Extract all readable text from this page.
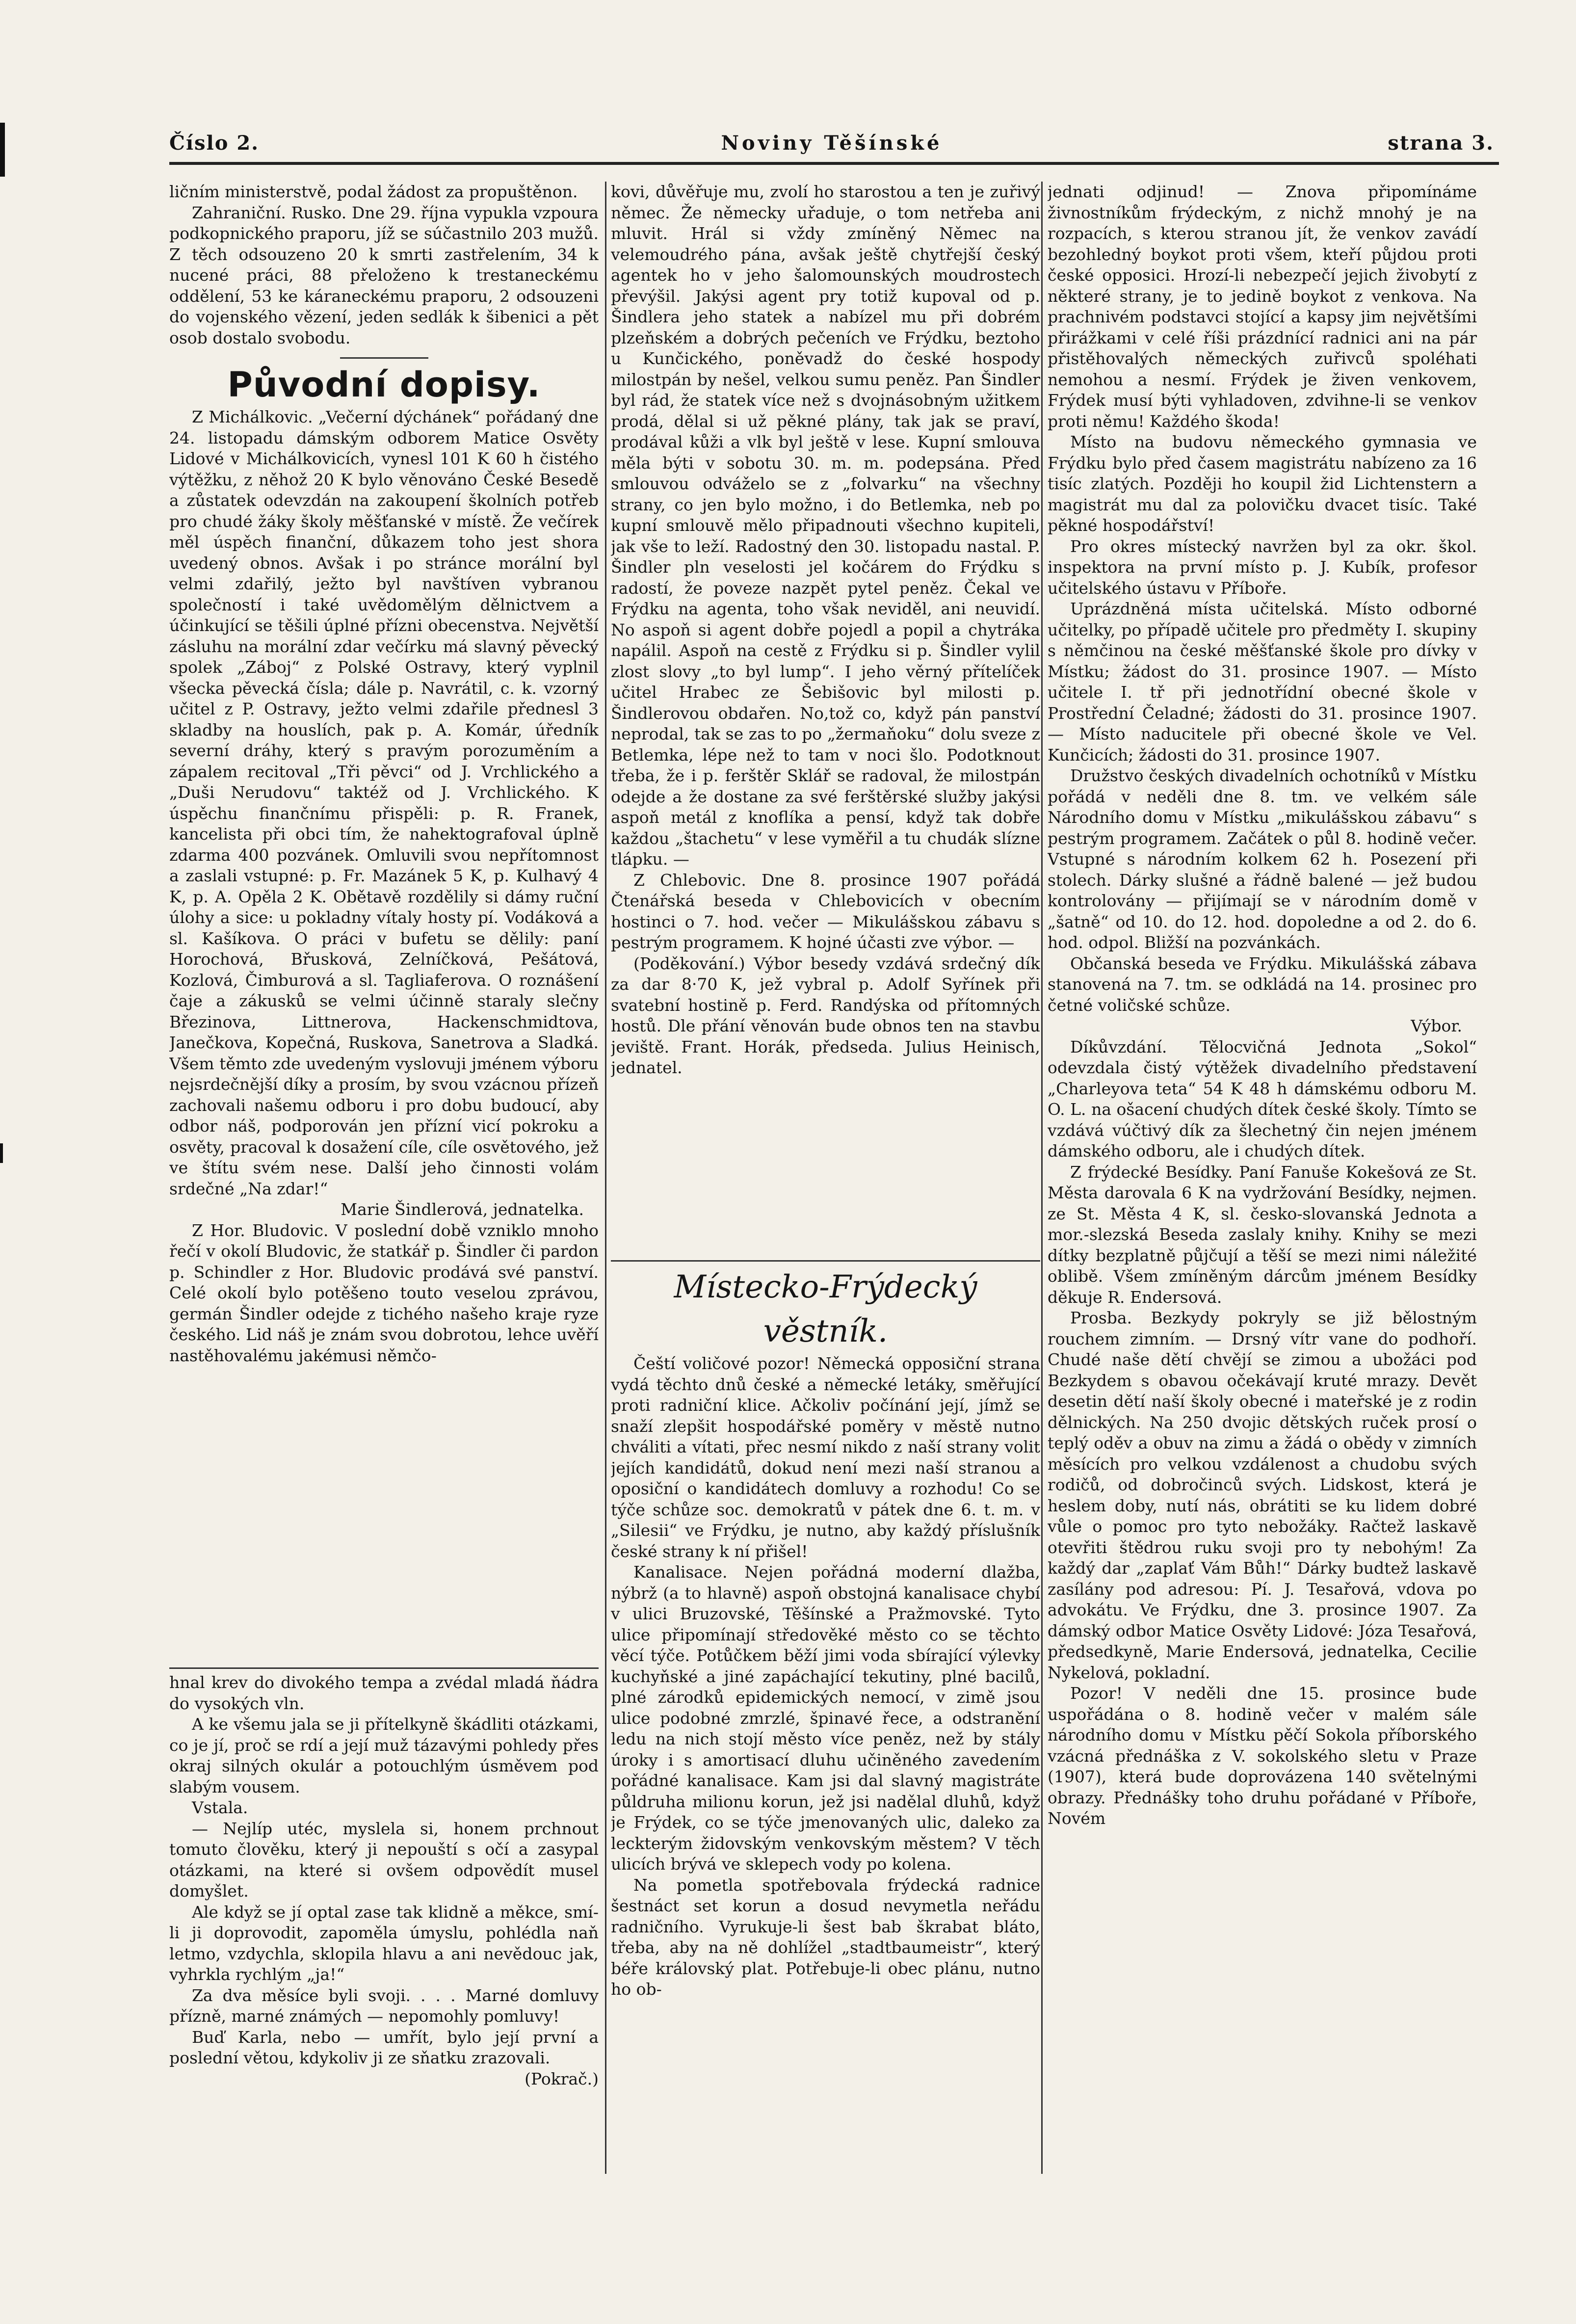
Číslo 2.	Noviny Těšínské	strana 3.

ličním ministerstvě, podal žádost za propuštěnon.

Zahraniční. Rusko. Dne 29. října vypukla vzpoura podkopnického praporu, jíž se súčastnilo 203 mužů. Z těch odsouzeno 20 k smrti zastřelením, 34 k nucené práci, 88 přeloženo k trestaneckému oddělení, 53 ke káraneckému praporu, 2 odsouzeni do vojenského vězení, jeden sedlák k šibenici a pět osob dostalo svobodu.

Původní dopisy.

Z Michálkovic. „Večerní dýchánek“ pořádaný dne 24. listopadu dámským odborem Matice Osvěty Lidové v Michálkovicích, vynesl 101 K 60 h čistého výtěžku, z něhož 20 K bylo věnováno České Besedě a zůstatek odevzdán na zakoupení školních potřeb pro chudé žáky školy měšťanské v místě. Že večírek měl úspěch finanční, důkazem toho jest shora uvedený obnos. Avšak i po stránce morální byl velmi zdařilý, ježto byl navštíven vybranou společností i také uvědomělým dělnictvem a účinkující se těšili úplné přízni obecenstva. Největší zásluhu na morální zdar večírku má slavný pěvecký spolek „Záboj“ z Polské Ostravy, který vyplnil všecka pěvecká čísla; dále p. Navrátil, c. k. vzorný učitel z P. Ostravy, ježto velmi zdařile přednesl 3 skladby na houslích, pak p. A. Komár, úředník severní dráhy, který s pravým porozuměním a zápalem recitoval „Tři pěvci“ od J. Vrchlického a „Duši Nerudovu“ taktéž od J. Vrchlického. K úspěchu finančnímu přispěli: p. R. Franek, kancelista při obci tím, že nahektografoval úplně zdarma 400 pozvánek. Omluvili svou nepřítomnost a zaslali vstupné: p. Fr. Mazánek 5 K, p. Kulhavý 4 K, p. A. Opěla 2 K. Obětavě rozdělily si dámy ruční úlohy a sice: u pokladny vítaly hosty pí. Vodáková a sl. Kašíkova. O práci v bufetu se dělily: paní Horochová, Břusková, Zelníčková, Pešátová, Kozlová, Čimburová a sl. Tagliaferova. O roznášení čaje a zákusků se velmi účinně staraly slečny Březinova, Littnerova, Hackenschmidtova, Janečkova, Kopečná, Ruskova, Sanetrova a Sladká. Všem těmto zde uvedeným vyslovuji jménem výboru nejsrdečnější díky a prosím, by svou vzácnou přízeň zachovali našemu odboru i pro dobu budoucí, aby odbor náš, podporován jen přízní vicí pokroku a osvěty, pracoval k dosažení cíle, cíle osvětového, jež ve štítu svém nese. Další jeho činnosti volám srdečné „Na zdar!“

Marie Šindlerová, jednatelka.

Z Hor. Bludovic. V poslední době vzniklo mnoho řečí v okolí Bludovic, že statkář p. Šindler či pardon p. Schindler z Hor. Bludovic prodává své panství. Celé okolí bylo potěšeno touto veselou zprávou, germán Šindler odejde z tichého našeho kraje ryze českého. Lid náš je znám svou dobrotou, lehce uvěří nastěhovalému jakémusi němčo-

hnal krev do divokého tempa a zvédal mladá ňádra do vysokých vln.

A ke všemu jala se ji přítelkyně škádliti otázkami, co je jí, proč se rdí a její muž tázavými pohledy přes okraj silných okulár a potouchlým úsměvem pod slabým vousem.

Vstala.

— Nejlíp utéc, myslela si, honem prchnout tomuto člověku, který ji nepouští s očí a zasypal otázkami, na které si ovšem odpovědít musel domyšlet.

Ale když se jí optal zase tak klidně a měkce, smí-li ji doprovodit, zapoměla úmyslu, pohlédla naň letmo, vzdychla, sklopila hlavu a ani nevědouc jak, vyhrkla rychlým „ja!“

Za dva měsíce byli svoji. . . . Marné domluvy přízně, marné známých — nepomohly pomluvy!

Buď Karla, nebo — umřít, bylo její první a poslední větou, kdykoliv ji ze sňatku zrazovali.

(Pokrač.)

kovi, důvěřuje mu, zvolí ho starostou a ten je zuřivý němec. Že německy uřaduje, o tom netřeba ani mluvit. Hrál si vždy zmíněný Němec na velemoudrého pána, avšak ještě chytřejší český agentek ho v jeho šalomounských moudrostech převýšil. Jakýsi agent pry totiž kupoval od p. Šindlera jeho statek a nabízel mu při dobrém plzeňském a dobrých pečeních ve Frýdku, beztoho u Kunčického, poněvadž do české hospody milostpán by nešel, velkou sumu peněz. Pan Šindler byl rád, že statek více než s dvojnásobným užitkem prodá, dělal si už pěkné plány, tak jak se praví, prodával kůži a vlk byl ještě v lese. Kupní smlouva měla býti v sobotu 30. m. m. podepsána. Před smlouvou odváželo se z „folvarku“ na všechny strany, co jen bylo možno, i do Betlemka, neb po kupní smlouvě mělo připadnouti všechno kupiteli, jak vše to leží. Radostný den 30. listopadu nastal. P. Šindler pln veselosti jel kočárem do Frýdku s radostí, že poveze nazpět pytel peněz. Čekal ve Frýdku na agenta, toho však neviděl, ani neuvidí. No aspoň si agent dobře pojedl a popil a chytráka napálil. Aspoň na cestě z Frýdku si p. Šindler vylil zlost slovy „to byl lump“. I jeho věrný přítelíček učitel Hrabec ze Šebišovic byl milosti p. Šindlerovou obdařen. No,tož co, když pán panství neprodal, tak se zas to po „žermaňoku“ dolu sveze z Betlemka, lépe než to tam v noci šlo. Podotknout třeba, že i p. ferštěr Sklář se radoval, že milostpán odejde a že dostane za své ferštěrské služby jakýsi aspoň metál z knoflíka a pensí, když tak dobře každou „štachetu“ v lese vyměřil a tu chudák slízne tlápku. —

Z Chlebovic. Dne 8. prosince 1907 pořádá Čtenářská beseda v Chlebovicích v obecním hostinci o 7. hod. večer — Mikulášskou zábavu s pestrým programem. K hojné účasti zve výbor. —

(Poděkování.) Výbor besedy vzdává srdečný dík za dar 8·70 K, jež vybral p. Adolf Syřínek při svatební hostině p. Ferd. Randýska od přítomných hostů. Dle přání věnován bude obnos ten na stavbu jeviště. Frant. Horák, předseda. Julius Heinisch, jednatel.

Místecko-Frýdecký věstník.

Čeští voličové pozor! Německá opposiční strana vydá těchto dnů české a německé letáky, směřující proti radniční klice. Ačkoliv počínání její, jímž se snaží zlepšit hospodářské poměry v městě nutno chváliti a vítati, přec nesmí nikdo z naší strany volit jejích kandidátů, dokud není mezi naší stranou a oposiční o kandidátech domluvy a rozhodu! Co se týče schůze soc. demokratů v pátek dne 6. t. m. v „Silesii“ ve Frýdku, je nutno, aby každý příslušník české strany k ní přišel!

Kanalisace. Nejen pořádná moderní dlažba, nýbrž (a to hlavně) aspoň obstojná kanalisace chybí v ulici Bruzovské, Těšínské a Pražmovské. Tyto ulice připomínají středověké město co se těchto věcí týče. Potůčkem běží jimi voda sbírající výlevky kuchyňské a jiné zapáchající tekutiny, plné bacilů, plné zárodků epidemických nemocí, v zimě jsou ulice podobné zmrzlé, špinavé řece, a odstranění ledu na nich stojí město více peněz, než by stály úroky i s amortisací dluhu učiněného zavedením pořádné kanalisace. Kam jsi dal slavný magistráte půldruha milionu korun, jež jsi nadělal dluhů, když je Frýdek, co se týče jmenovaných ulic, daleko za leckterým židovským venkovským městem? V těch ulicích brývá ve sklepech vody po kolena.

Na pometla spotřebovala frýdecká radnice šestnáct set korun a dosud nevymetla neřádu radničního. Vyrukuje-li šest bab škrabat bláto, třeba, aby na ně dohlížel „stadtbaumeistr“, který béře královský plat. Potřebuje-li obec plánu, nutno ho ob-

jednati odjinud! — Znova připomínáme živnostníkům frýdeckým, z nichž mnohý je na rozpacích, s kterou stranou jít, že venkov zavádí bezohledný boykot proti všem, kteří půjdou proti české opposici. Hrozí-li nebezpečí jejich živobytí z některé strany, je to jedině boykot z venkova. Na prachnivém podstavci stojící a kapsy jim největšími přirážkami v celé říši prázdnící radnici ani na pár přistěhovalých německých zuřivců spoléhati nemohou a nesmí. Frýdek je živen venkovem, Frýdek musí býti vyhladoven, zdvihne-li se venkov proti němu! Každého škoda!

Místo na budovu německého gymnasia ve Frýdku bylo před časem magistrátu nabízeno za 16 tisíc zlatých. Později ho koupil žid Lichtenstern a magistrát mu dal za polovičku dvacet tisíc. Také pěkné hospodářství!

Pro okres místecký navržen byl za okr. škol. inspektora na první místo p. J. Kubík, profesor učitelského ústavu v Příboře.

Uprázdněná místa učitelská. Místo odborné učitelky, po případě učitele pro předměty I. skupiny s němčinou na české měšťanské škole pro dívky v Místku; žádost do 31. prosince 1907. — Místo učitele I. tř při jednotřídní obecné škole v Prostřední Čeladné; žádosti do 31. prosince 1907. — Místo naducitele při obecné škole ve Vel. Kunčicích; žádosti do 31. prosince 1907.

Družstvo českých divadelních ochotníků v Místku pořádá v neděli dne 8. tm. ve velkém sále Národního domu v Místku „mikulášskou zábavu“ s pestrým programem. Začátek o půl 8. hodině večer. Vstupné s národním kolkem 62 h. Posezení při stolech. Dárky slušné a řádně balené — jež budou kontrolovány — přijímají se v národním domě v „šatně“ od 10. do 12. hod. dopoledne a od 2. do 6. hod. odpol. Bližší na pozvánkách.

Občanská beseda ve Frýdku. Mikulášská zábava stanovená na 7. tm. se odkládá na 14. prosinec pro četné voličské schůze.

Výbor.

Díkůvzdání. Tělocvičná Jednota „Sokol“ odevzdala čistý výtěžek divadelního představení „Charleyova teta“ 54 K 48 h dámskému odboru M. O. L. na ošacení chudých dítek české školy. Tímto se vzdává vúčtivý dík za šlechetný čin nejen jménem dámského odboru, ale i chudých dítek.

Z frýdecké Besídky. Paní Fanuše Kokešová ze St. Města darovala 6 K na vydržování Besídky, nejmen. ze St. Města 4 K, sl. česko-slovanská Jednota a mor.-slezská Beseda zaslaly knihy. Knihy se mezi dítky bezplatně půjčují a těší se mezi nimi náležité oblibě. Všem zmíněným dárcům jménem Besídky děkuje R. Endersová.

Prosba. Bezkydy pokryly se již bělostným rouchem zimním. — Drsný vítr vane do podhoří. Chudé naše dětí chvějí se zimou a ubožáci pod Bezkydem s obavou očekávají kruté mrazy. Devět desetin dětí naší školy obecné i mateřské je z rodin dělnických. Na 250 dvojic dětských ruček prosí o teplý oděv a obuv na zimu a žádá o obědy v zimních měsících pro velkou vzdálenost a chudobu svých rodičů, od dobročinců svých. Lidskost, která je heslem doby, nutí nás, obrátiti se ku lidem dobré vůle o pomoc pro tyto nebožáky. Račtež laskavě otevřiti štědrou ruku svoji pro ty nebohým! Za každý dar „zaplať Vám Bůh!“ Dárky budtež laskavě zasílány pod adresou: Pí. J. Tesařová, vdova po advokátu. Ve Frýdku, dne 3. prosince 1907. Za dámský odbor Matice Osvěty Lidové: Józa Tesařová, předsedkyně, Marie Endersová, jednatelka, Cecilie Nykelová, pokladní.

Pozor! V neděli dne 15. prosince bude uspořádána o 8. hodině večer v malém sále národního domu v Místku pěčí Sokola příborského vzácná přednáška z V. sokolského sletu v Praze (1907), která bude doprovázena 140 světelnými obrazy. Přednášky toho druhu pořádané v Příboře, Novém
